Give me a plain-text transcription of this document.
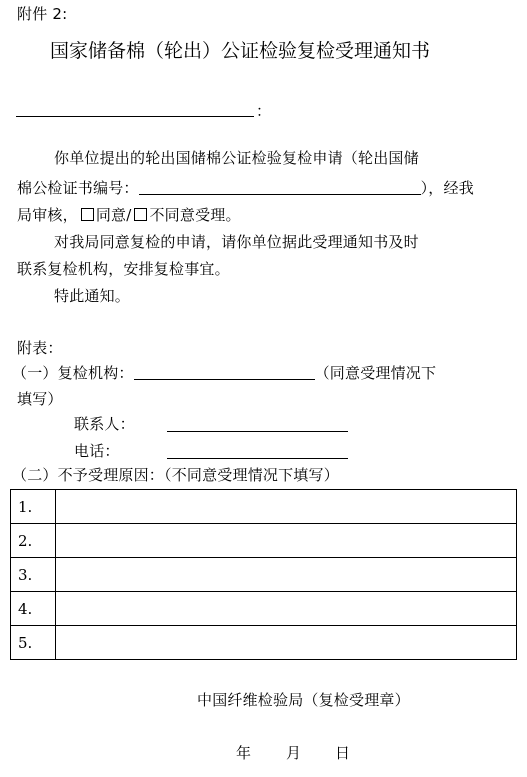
附件 2:
国家储备棉（轮出）公证检验复检受理通知书
：
你单位提出的轮出国储棉公证检验复检申请（轮出国储
棉公检证书编号：	），经我
局审核， 同意/ 不同意受理。
对我局同意复检的申请，请你单位据此受理通知书及时
联系复检机构，安排复检事宜。
特此通知。
附表：
（一）复检机构：	（同意受理情况下
填写）
联系人：
电话：
（二）不予受理原因：（不同意受理情况下填写）
1.	
2.	
3.	
4.	
5.	
中国纤维检验局（复检受理章）
年 月 日
